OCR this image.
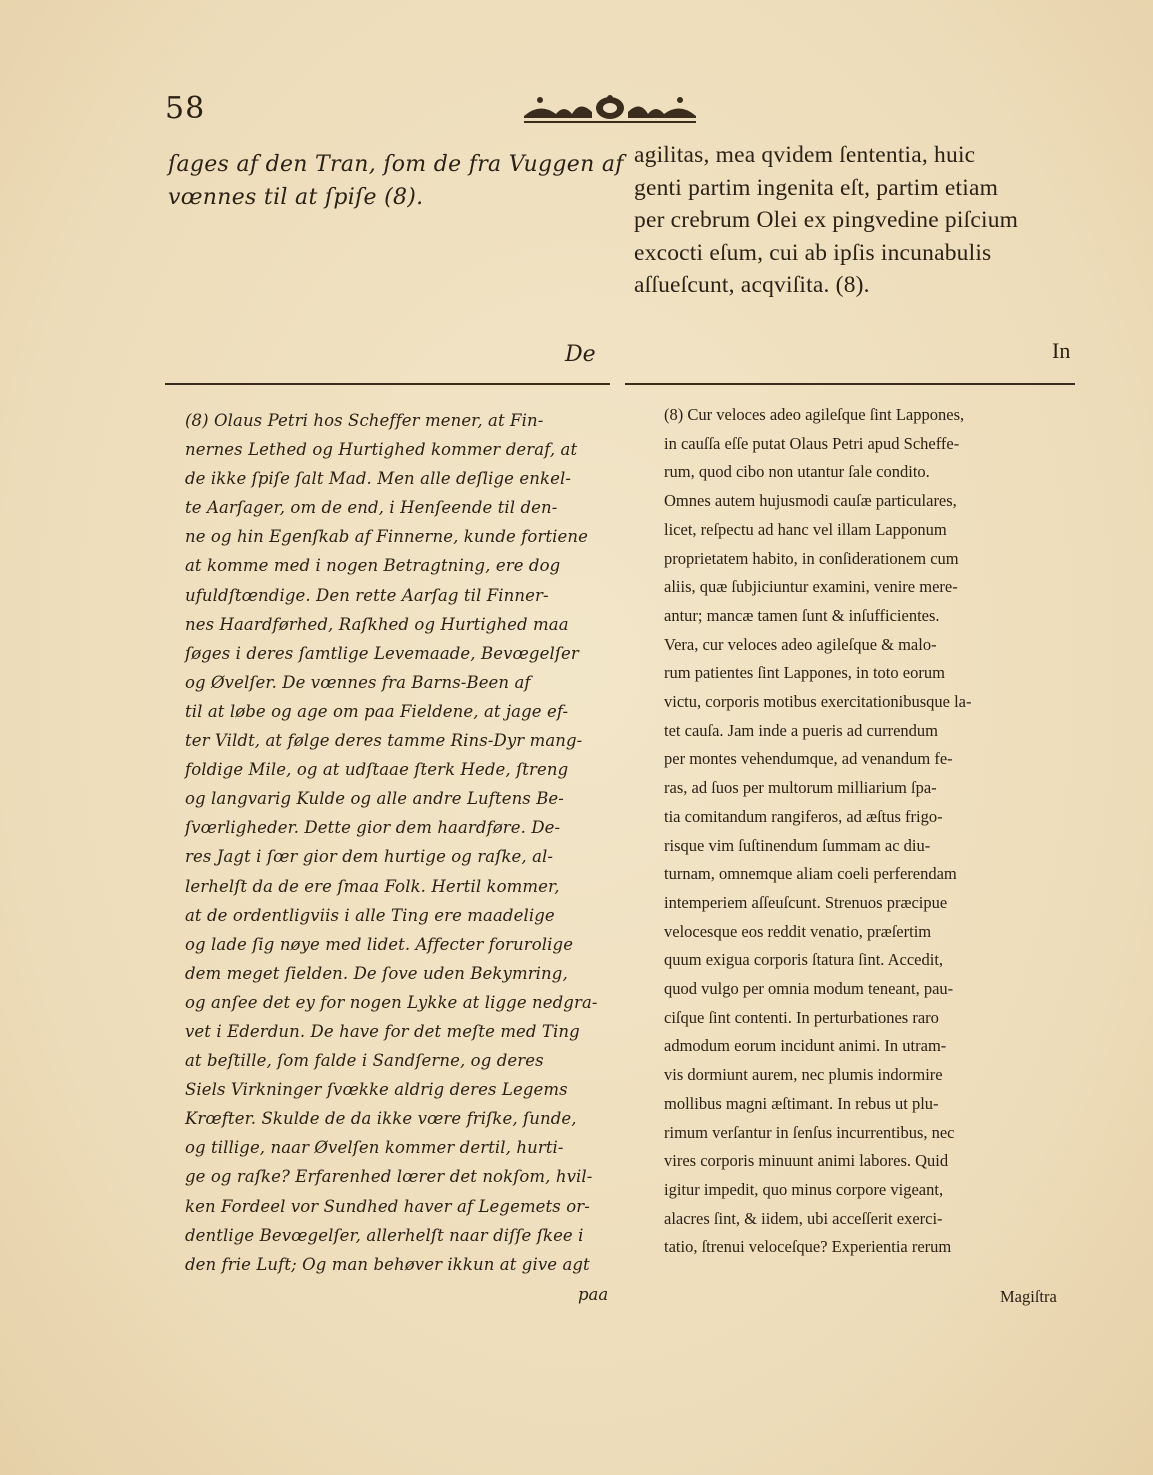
58
ſages af den Tran, ſom de fra Vuggen af
vœnnes til at ſpiſe (8).
agilitas, mea qvidem ſententia, huic
genti partim ingenita eſt, partim etiam
per crebrum Olei ex pingvedine piſcium
excocti eſum, cui ab ipſis incunabulis
aſſueſcunt, acqviſita. (8).
De	In
(8) Olaus Petri hos Scheffer mener, at Fin-
nernes Lethed og Hurtighed kommer deraf, at
de ikke ſpiſe ſalt Mad. Men alle deſlige enkel-
te Aarſager, om de end, i Henſeende til den-
ne og hin Egenſkab af Finnerne, kunde fortiene
at komme med i nogen Betragtning, ere dog
ufuldſtœndige. Den rette Aarſag til Finner-
nes Haardførhed, Raſkhed og Hurtighed maa
ſøges i deres ſamtlige Levemaade, Bevœgelſer
og Øvelſer. De vœnnes fra Barns-Been af
til at løbe og age om paa Fieldene, at jage ef-
ter Vildt, at følge deres tamme Rins-Dyr mang-
foldige Mile, og at udſtaae ſterk Hede, ſtreng
og langvarig Kulde og alle andre Luftens Be-
ſvœrligheder. Dette gior dem haardføre. De-
res Jagt i ſœr gior dem hurtige og raſke, al-
lerhelſt da de ere ſmaa Folk. Hertil kommer,
at de ordentligviis i alle Ting ere maadelige
og lade ſig nøye med lidet. Affecter forurolige
dem meget ſielden. De ſove uden Bekymring,
og anſee det ey for nogen Lykke at ligge nedgra-
vet i Ederdun. De have for det meſte med Ting
at beſtille, ſom falde i Sandſerne, og deres
Siels Virkninger ſvœkke aldrig deres Legems
Krœfter. Skulde de da ikke vœre friſke, ſunde,
og tillige, naar Øvelſen kommer dertil, hurti-
ge og raſke? Erfarenhed lœrer det nokſom, hvil-
ken Fordeel vor Sundhed haver af Legemets or-
dentlige Bevœgelſer, allerhelſt naar diſſe ſkee i
den frie Luft; Og man behøver ikkun at give agt
(8) Cur veloces adeo agileſque ſint Lappones,
in cauſſa eſſe putat Olaus Petri apud Scheffe-
rum, quod cibo non utantur ſale condito.
Omnes autem hujusmodi cauſæ particulares,
licet, reſpectu ad hanc vel illam Lapponum
proprietatem habito, in conſiderationem cum
aliis, quæ ſubjiciuntur examini, venire mere-
antur; mancæ tamen ſunt & inſufficientes.
Vera, cur veloces adeo agileſque & malo-
rum patientes ſint Lappones, in toto eorum
victu, corporis motibus exercitationibusque la-
tet cauſa. Jam inde a pueris ad currendum
per montes vehendumque, ad venandum fe-
ras, ad ſuos per multorum milliarium ſpa-
tia comitandum rangiferos, ad æſtus frigo-
risque vim ſuſtinendum ſummam ac diu-
turnam, omnemque aliam coeli perferendam
intemperiem aſſeuſcunt. Strenuos præcipue
velocesque eos reddit venatio, præſertim
quum exigua corporis ſtatura ſint. Accedit,
quod vulgo per omnia modum teneant, pau-
ciſque ſint contenti. In perturbationes raro
admodum eorum incidunt animi. In utram-
vis dormiunt aurem, nec plumis indormire
mollibus magni æſtimant. In rebus ut plu-
rimum verſantur in ſenſus incurrentibus, nec
vires corporis minuunt animi labores. Quid
igitur impedit, quo minus corpore vigeant,
alacres ſint, & iidem, ubi acceſſerit exerci-
tatio, ſtrenui veloceſque? Experientia rerum
paa	Magiſtra
